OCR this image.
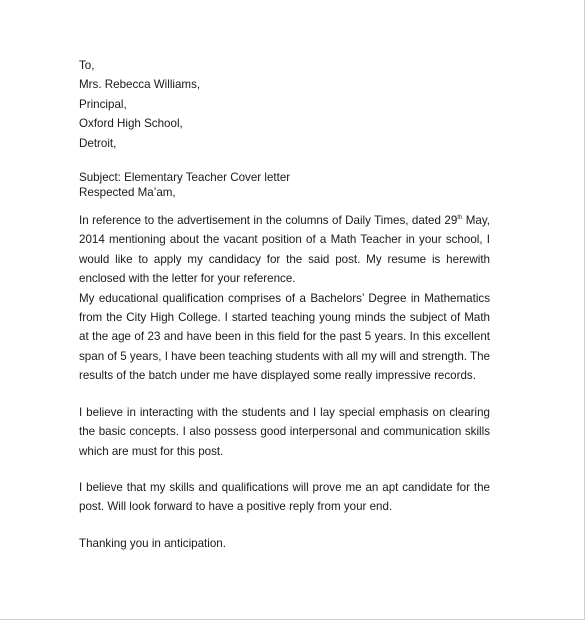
To,
Mrs. Rebecca Williams,
Principal,
Oxford High School,
Detroit,
Subject: Elementary Teacher Cover letter
Respected Ma’am,

In reference to the advertisement in the columns of Daily Times, dated 29th May, 2014 mentioning about the vacant position of a Math Teacher in your school, I would like to apply my candidacy for the said post. My resume is herewith enclosed with the letter for your reference.

My educational qualification comprises of a Bachelors’ Degree in Mathematics from the City High College. I started teaching young minds the subject of Math at the age of 23 and have been in this field for the past 5 years. In this excellent span of 5 years, I have been teaching students with all my will and strength. The results of the batch under me have displayed some really impressive records.

I believe in interacting with the students and I lay special emphasis on clearing the basic concepts. I also possess good interpersonal and communication skills which are must for this post.

I believe that my skills and qualifications will prove me an apt candidate for the post. Will look forward to have a positive reply from your end.

Thanking you in anticipation.
